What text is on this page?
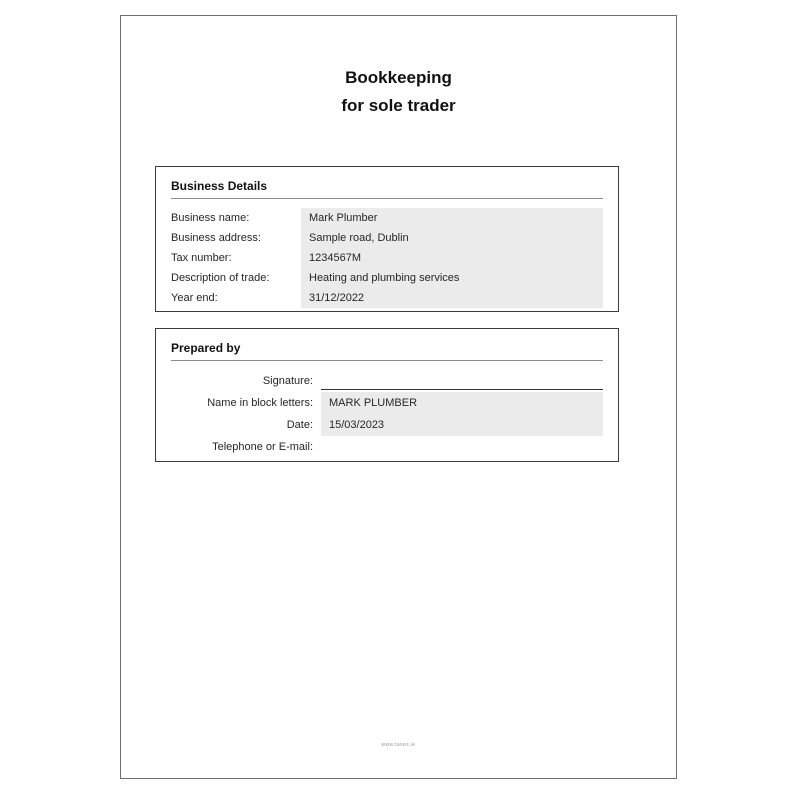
Bookkeeping
for sole trader
Business Details
Business name:	Mark Plumber
Business address:	Sample road, Dublin
Tax number:	1234567M
Description of trade:	Heating and plumbing services
Year end:	31/12/2022
Prepared by
Signature:
Name in block letters:	MARK PLUMBER
Date:	15/03/2023
Telephone or E-mail:
www.taxes.ie
